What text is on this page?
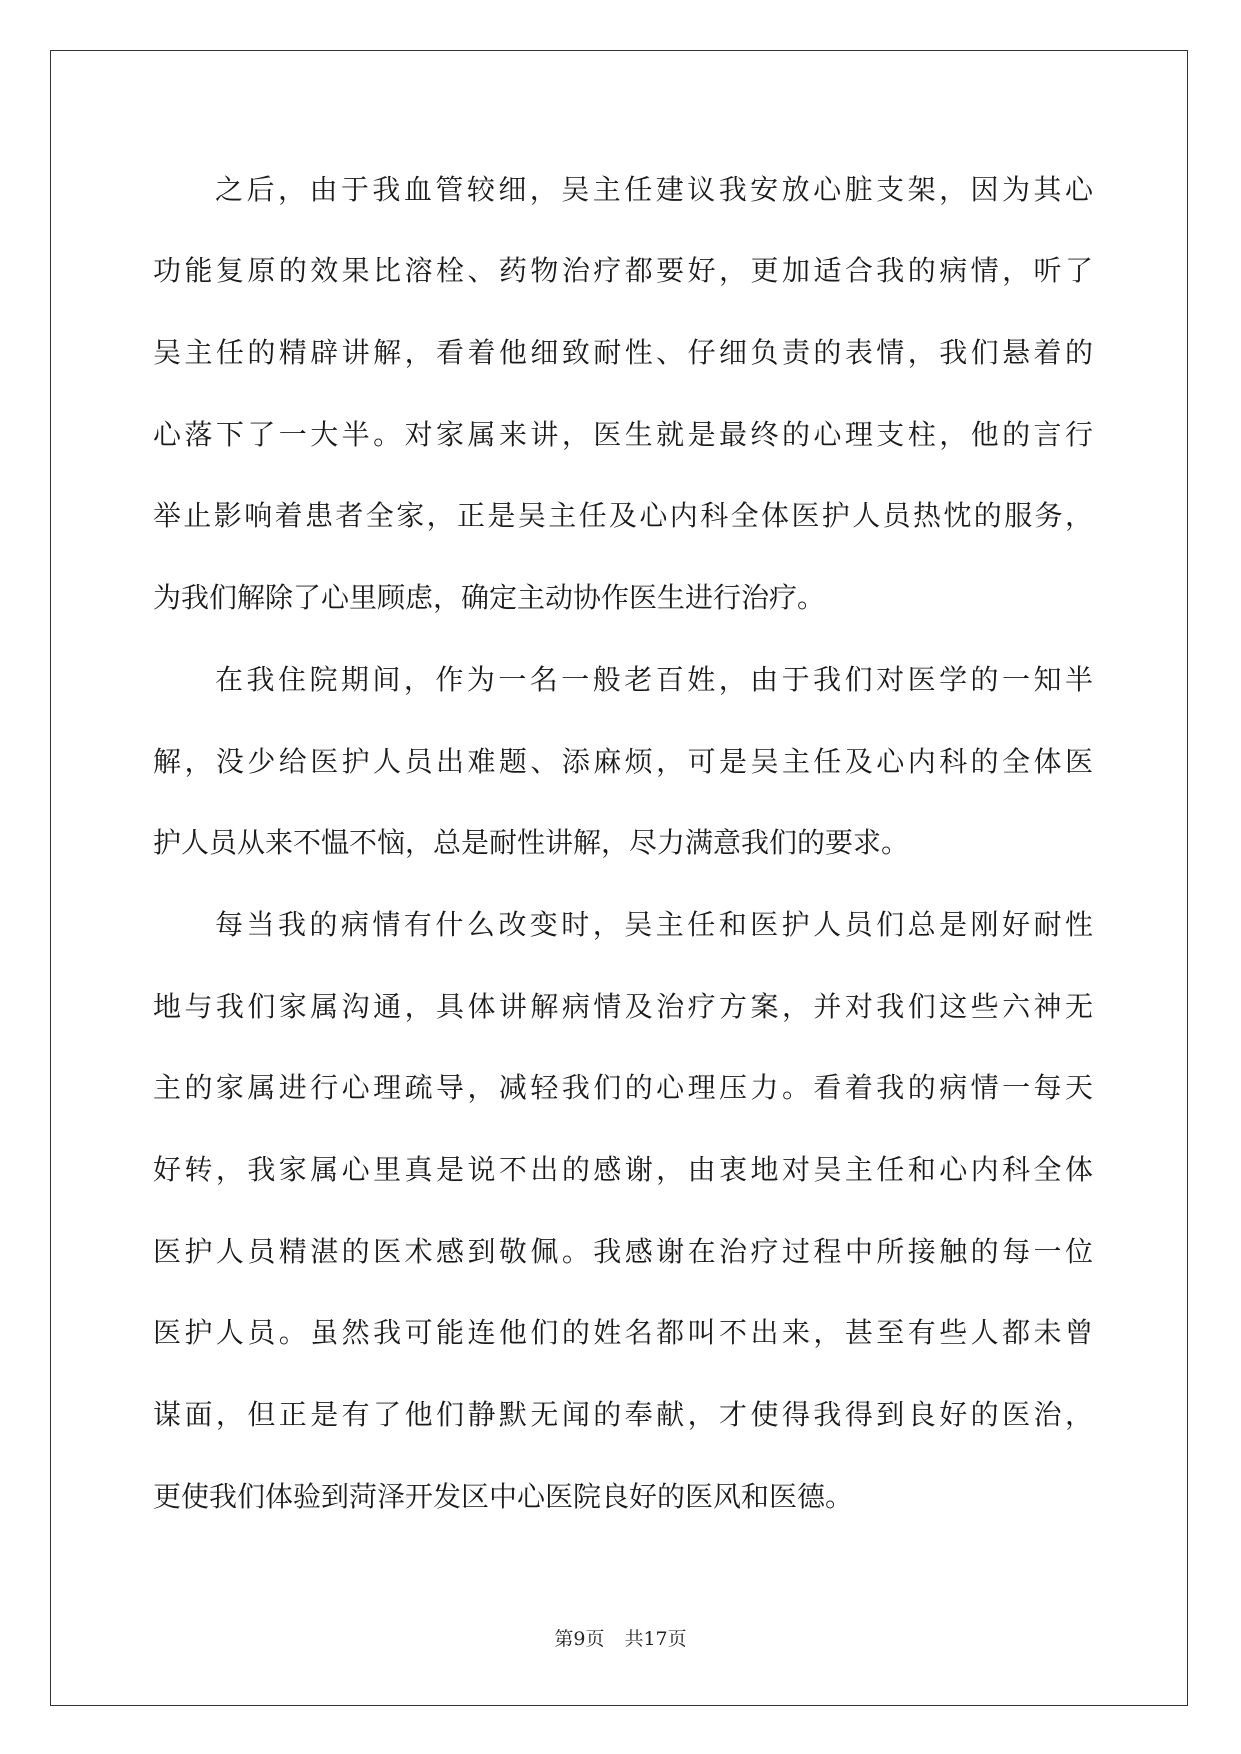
之后，由于我血管较细，吴主任建议我安放心脏支架，因为其心
功能复原的效果比溶栓、药物治疗都要好，更加适合我的病情，听了
吴主任的精辟讲解，看着他细致耐性、仔细负责的表情，我们悬着的
心落下了一大半。对家属来讲，医生就是最终的心理支柱，他的言行
举止影响着患者全家，正是吴主任及心内科全体医护人员热忱的服务，
为我们解除了心里顾虑，确定主动协作医生进行治疗。
在我住院期间，作为一名一般老百姓，由于我们对医学的一知半
解，没少给医护人员出难题、添麻烦，可是吴主任及心内科的全体医
护人员从来不愠不恼，总是耐性讲解，尽力满意我们的要求。
每当我的病情有什么改变时，吴主任和医护人员们总是刚好耐性
地与我们家属沟通，具体讲解病情及治疗方案，并对我们这些六神无
主的家属进行心理疏导，减轻我们的心理压力。看着我的病情一每天
好转，我家属心里真是说不出的感谢，由衷地对吴主任和心内科全体
医护人员精湛的医术感到敬佩。我感谢在治疗过程中所接触的每一位
医护人员。虽然我可能连他们的姓名都叫不出来，甚至有些人都未曾
谋面，但正是有了他们静默无闻的奉献，才使得我得到良好的医治，
更使我们体验到菏泽开发区中心医院良好的医风和医德。
第9页 共17页
